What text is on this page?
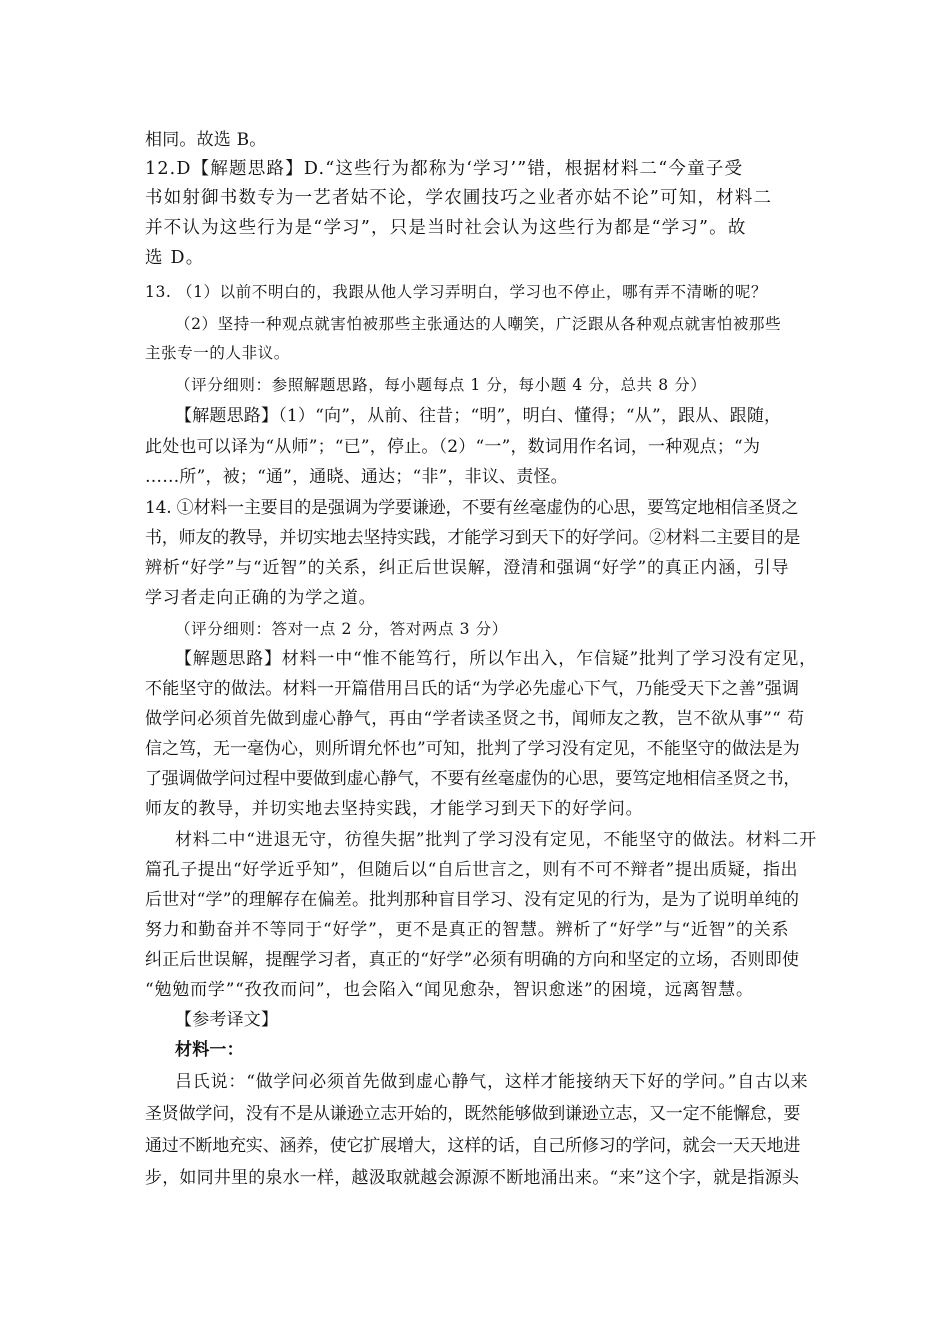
相同。故选 B。
12.D【解题思路】D.“这些行为都称为‘学习’”错，根据材料二“今童子受
书如射御书数专为一艺者姑不论，学农圃技巧之业者亦姑不论”可知，材料二
并不认为这些行为是“学习”，只是当时社会认为这些行为都是“学习”。故
选 D。
13. （1）以前不明白的，我跟从他人学习弄明白，学习也不停止，哪有弄不清晰的呢？
（2）坚持一种观点就害怕被那些主张通达的人嘲笑，广泛跟从各种观点就害怕被那些
主张专一的人非议。
（评分细则：参照解题思路，每小题每点 1 分，每小题 4 分，总共 8 分）
【解题思路】（1）“向”，从前、往昔；“明”，明白、懂得；“从”，跟从、跟随，
此处也可以译为“从师”；“已”，停止。（2）“一”，数词用作名词，一种观点；“为
……所”，被；“通”，通晓、通达；“非”，非议、责怪。
14. ①材料一主要目的是强调为学要谦逊，不要有丝毫虚伪的心思，要笃定地相信圣贤之
书，师友的教导，并切实地去坚持实践，才能学习到天下的好学问。②材料二主要目的是
辨析“好学”与“近智”的关系，纠正后世误解，澄清和强调“好学”的真正内涵，引导
学习者走向正确的为学之道。
（评分细则：答对一点 2 分，答对两点 3 分）
【解题思路】材料一中“惟不能笃行，所以乍出入，乍信疑”批判了学习没有定见，
不能坚守的做法。材料一开篇借用吕氏的话“为学必先虚心下气，乃能受天下之善”强调
做学问必须首先做到虚心静气，再由“学者读圣贤之书，闻师友之教，岂不欲从事”“ 苟
信之笃，无一毫伪心，则所谓允怀也”可知，批判了学习没有定见，不能坚守的做法是为
了强调做学问过程中要做到虚心静气，不要有丝毫虚伪的心思，要笃定地相信圣贤之书，
师友的教导，并切实地去坚持实践，才能学习到天下的好学问。
材料二中“进退无守，彷徨失据”批判了学习没有定见，不能坚守的做法。材料二开
篇孔子提出“好学近乎知”，但随后以“自后世言之，则有不可不辩者”提出质疑，指出
后世对“学”的理解存在偏差。批判那种盲目学习、没有定见的行为，是为了说明单纯的
努力和勤奋并不等同于“好学”，更不是真正的智慧。辨析了“好学”与“近智”的关系
纠正后世误解，提醒学习者，真正的“好学”必须有明确的方向和坚定的立场，否则即使
“勉勉而学”“孜孜而问”，也会陷入“闻见愈杂，智识愈迷”的困境，远离智慧。
【参考译文】
材料一：
吕氏说：“做学问必须首先做到虚心静气，这样才能接纳天下好的学问。”自古以来
圣贤做学问，没有不是从谦逊立志开始的，既然能够做到谦逊立志，又一定不能懈怠，要
通过不断地充实、涵养，使它扩展增大，这样的话，自己所修习的学问，就会一天天地进
步，如同井里的泉水一样，越汲取就越会源源不断地涌出来。“来”这个字，就是指源头
